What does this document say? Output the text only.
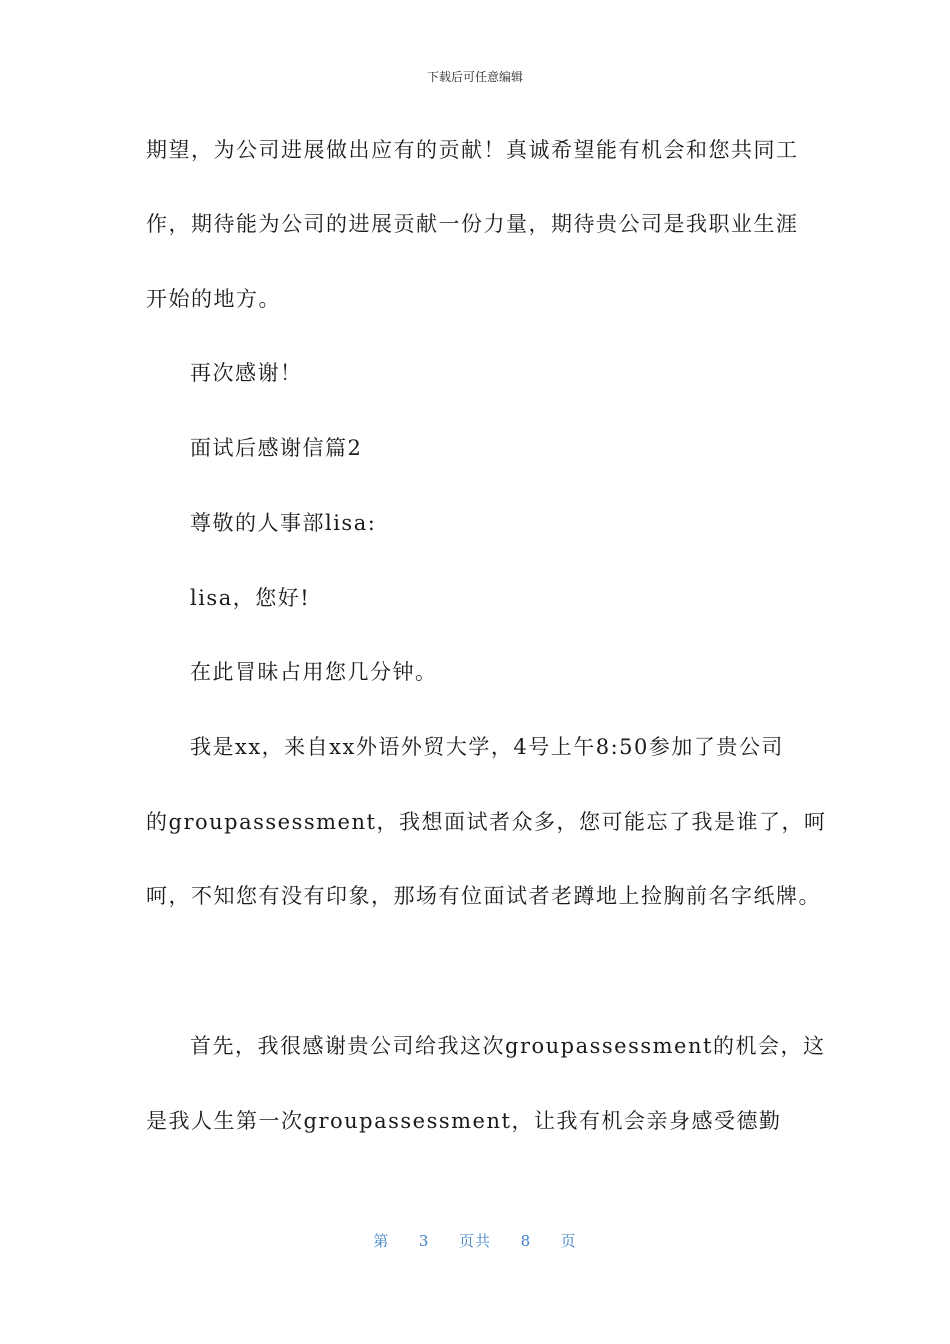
下载后可任意编辑
期望，为公司进展做出应有的贡献！真诚希望能有机会和您共同工
作，期待能为公司的进展贡献一份力量，期待贵公司是我职业生涯
开始的地方。
再次感谢！
面试后感谢信篇2
尊敬的人事部lisa:
lisa，您好!
在此冒昧占用您几分钟。
我是xx，来自xx外语外贸大学，4号上午8:50参加了贵公司
的groupassessment，我想面试者众多，您可能忘了我是谁了，呵
呵，不知您有没有印象，那场有位面试者老蹲地上捡胸前名字纸牌。
首先，我很感谢贵公司给我这次groupassessment的机会，这
是我人生第一次groupassessment，让我有机会亲身感受德勤
第 3 页共 8 页
